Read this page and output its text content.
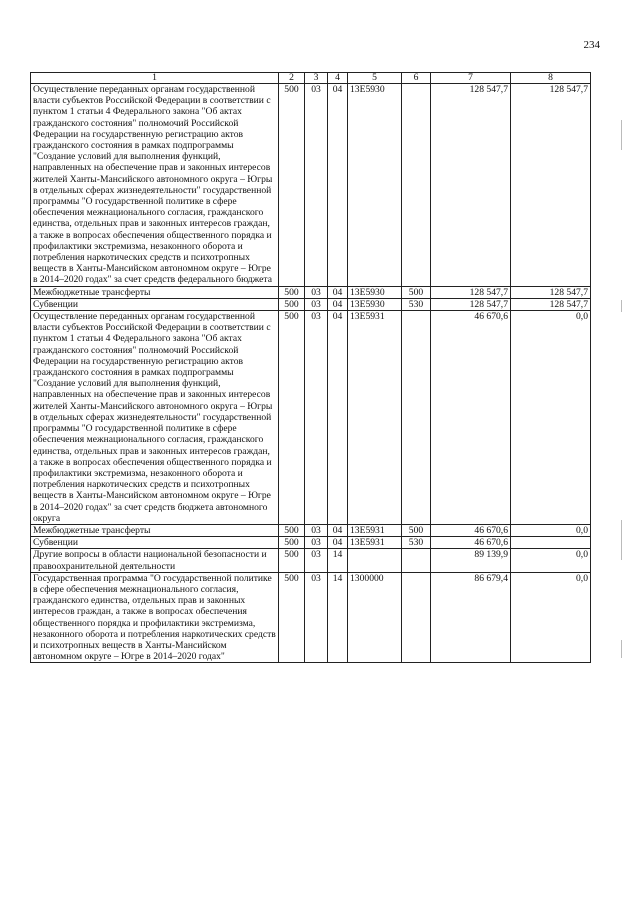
234
1	2	3	4	5	6	7	8
Осуществление переданных органам государственной власти субъектов Российской Федерации в соответствии с пунктом 1 статьи 4 Федерального закона "Об актах гражданского состояния" полномочий Российской Федерации на государственную регистрацию актов гражданского состояния в рамках подпрограммы "Создание условий для выполнения функций, направленных на обеспечение прав и законных интересов жителей Ханты-Мансийского автономного округа – Югры в отдельных сферах жизнедеятельности" государственной программы "О государственной политике в сфере обеспечения межнационального согласия, гражданского единства, отдельных прав и законных интересов граждан, а также в вопросах обеспечения общественного порядка и профилактики экстремизма, незаконного оборота и потребления наркотических средств и психотропных веществ в Ханты-Мансийском автономном округе – Югре в 2014–2020 годах" за счет средств федерального бюджета	500	03	04	13Е5930		128 547,7	128 547,7
Межбюджетные трансферты	500	03	04	13Е5930	500	128 547,7	128 547,7
Субвенции	500	03	04	13Е5930	530	128 547,7	128 547,7
Осуществление переданных органам государственной власти субъектов Российской Федерации в соответствии с пунктом 1 статьи 4 Федерального закона "Об актах гражданского состояния" полномочий Российской Федерации на государственную регистрацию актов гражданского состояния в рамках подпрограммы "Создание условий для выполнения функций, направленных на обеспечение прав и законных интересов жителей Ханты-Мансийского автономного округа – Югры в отдельных сферах жизнедеятельности" государственной программы "О государственной политике в сфере обеспечения межнационального согласия, гражданского единства, отдельных прав и законных интересов граждан, а также в вопросах обеспечения общественного порядка и профилактики экстремизма, незаконного оборота и потребления наркотических средств и психотропных веществ в Ханты-Мансийском автономном округе – Югре в 2014–2020 годах" за счет средств бюджета автономного округа	500	03	04	13Е5931		46 670,6	0,0
Межбюджетные трансферты	500	03	04	13Е5931	500	46 670,6	0,0
Субвенции	500	03	04	13Е5931	530	46 670,6	
Другие вопросы в области национальной безопасности и правоохранительной деятельности	500	03	14			89 139,9	0,0
Государственная программа "О государственной политике в сфере обеспечения межнационального согласия, гражданского единства, отдельных прав и законных интересов граждан, а также в вопросах обеспечения общественного порядка и профилактики экстремизма, незаконного оборота и потребления наркотических средств и психотропных веществ в Ханты-Мансийском автономном округе – Югре в 2014–2020 годах"	500	03	14	1300000		86 679,4	0,0
